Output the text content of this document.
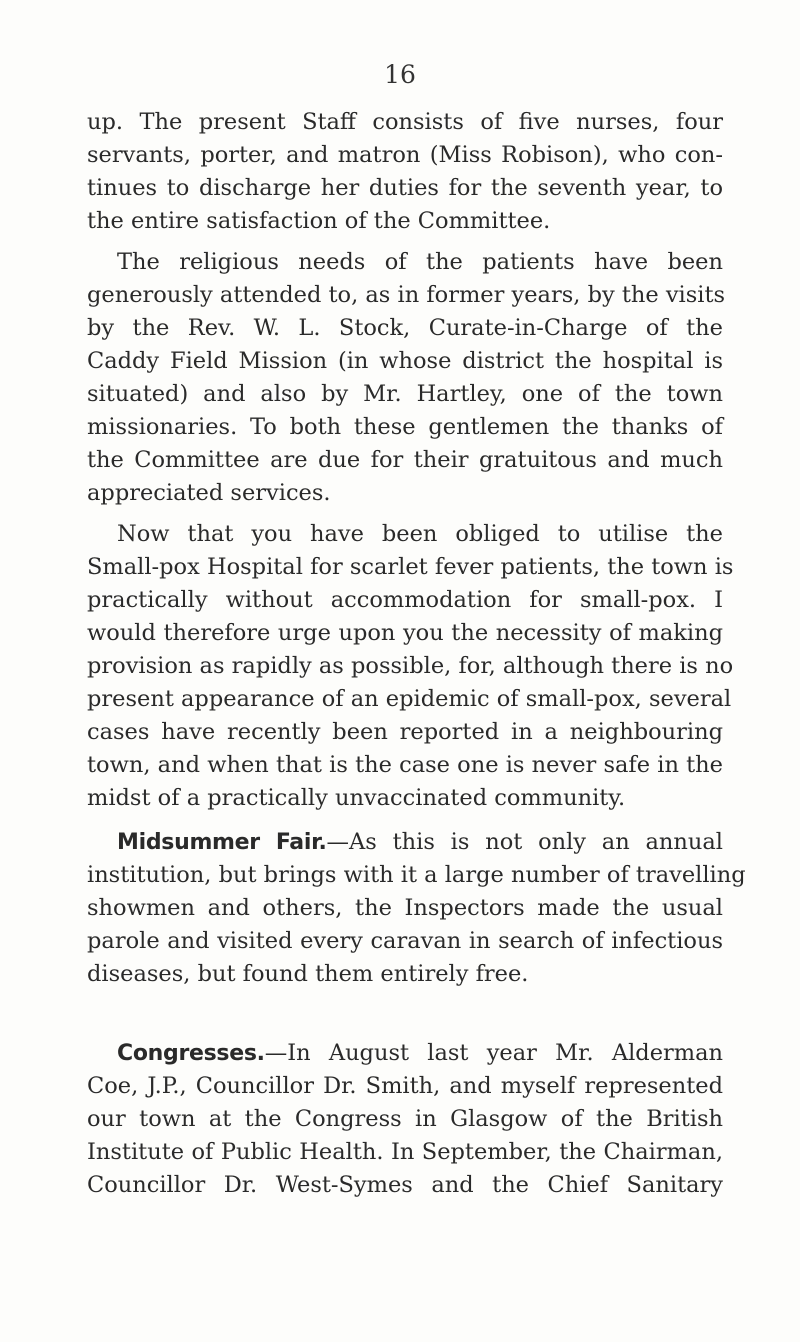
16
up. The present Staff consists of five nurses, four
servants, porter, and matron (Miss Robison), who con-
tinues to discharge her duties for the seventh year, to
the entire satisfaction of the Committee.
The religious needs of the patients have been
generously attended to, as in former years, by the visits
by the Rev. W. L. Stock, Curate-in-Charge of the
Caddy Field Mission (in whose district the hospital is
situated) and also by Mr. Hartley, one of the town
missionaries. To both these gentlemen the thanks of
the Committee are due for their gratuitous and much
appreciated services.
Now that you have been obliged to utilise the
Small-pox Hospital for scarlet fever patients, the town is
practically without accommodation for small-pox. I
would therefore urge upon you the necessity of making
provision as rapidly as possible, for, although there is no
present appearance of an epidemic of small-pox, several
cases have recently been reported in a neighbouring
town, and when that is the case one is never safe in the
midst of a practically unvaccinated community.
Midsummer Fair.—As this is not only an annual
institution, but brings with it a large number of travelling
showmen and others, the Inspectors made the usual
parole and visited every caravan in search of infectious
diseases, but found them entirely free.
Congresses.—In August last year Mr. Alderman
Coe, J.P., Councillor Dr. Smith, and myself represented
our town at the Congress in Glasgow of the British
Institute of Public Health. In September, the Chairman,
Councillor Dr. West-Symes and the Chief Sanitary
